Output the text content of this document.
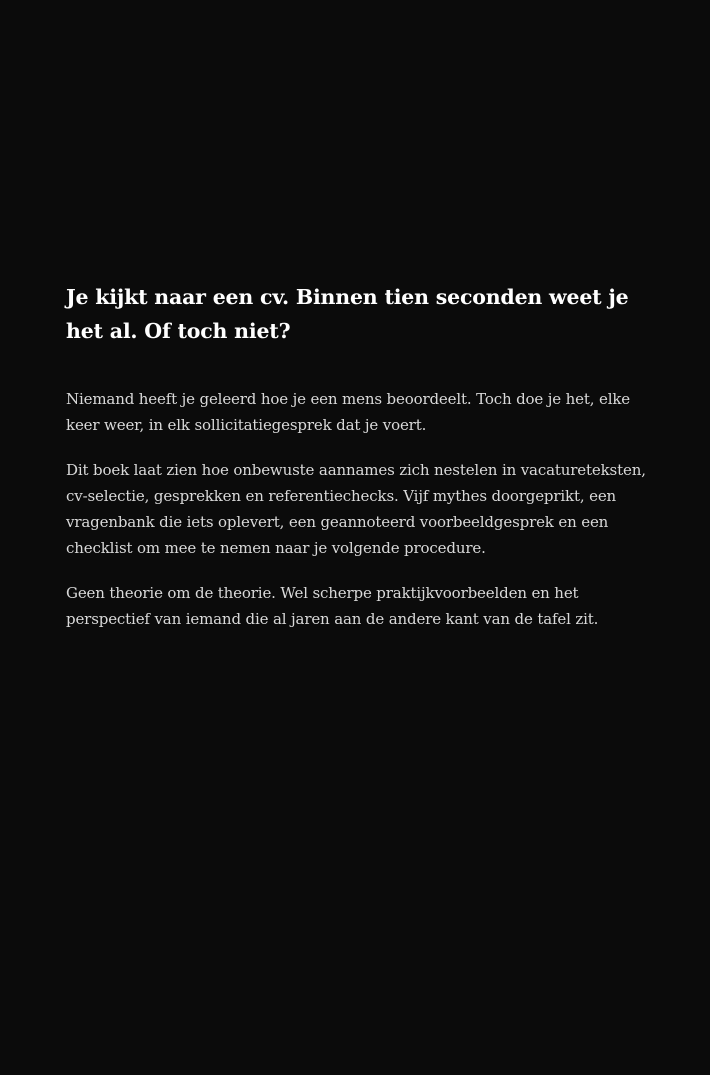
Je kijkt naar een cv. Binnen tien seconden weet je het al. Of toch niet?

Niemand heeft je geleerd hoe je een mens beoordeelt. Toch doe je het, elke keer weer, in elk sollicitatiegesprek dat je voert.

Dit boek laat zien hoe onbewuste aannames zich nestelen in vacatureteksten, cv-selectie, gesprekken en referentiechecks. Vijf mythes doorgeprikt, een vragenbank die iets oplevert, een geannoteerd voorbeeldgesprek en een checklist om mee te nemen naar je volgende procedure.

Geen theorie om de theorie. Wel scherpe praktijkvoorbeelden en het perspectief van iemand die al jaren aan de andere kant van de tafel zit.
